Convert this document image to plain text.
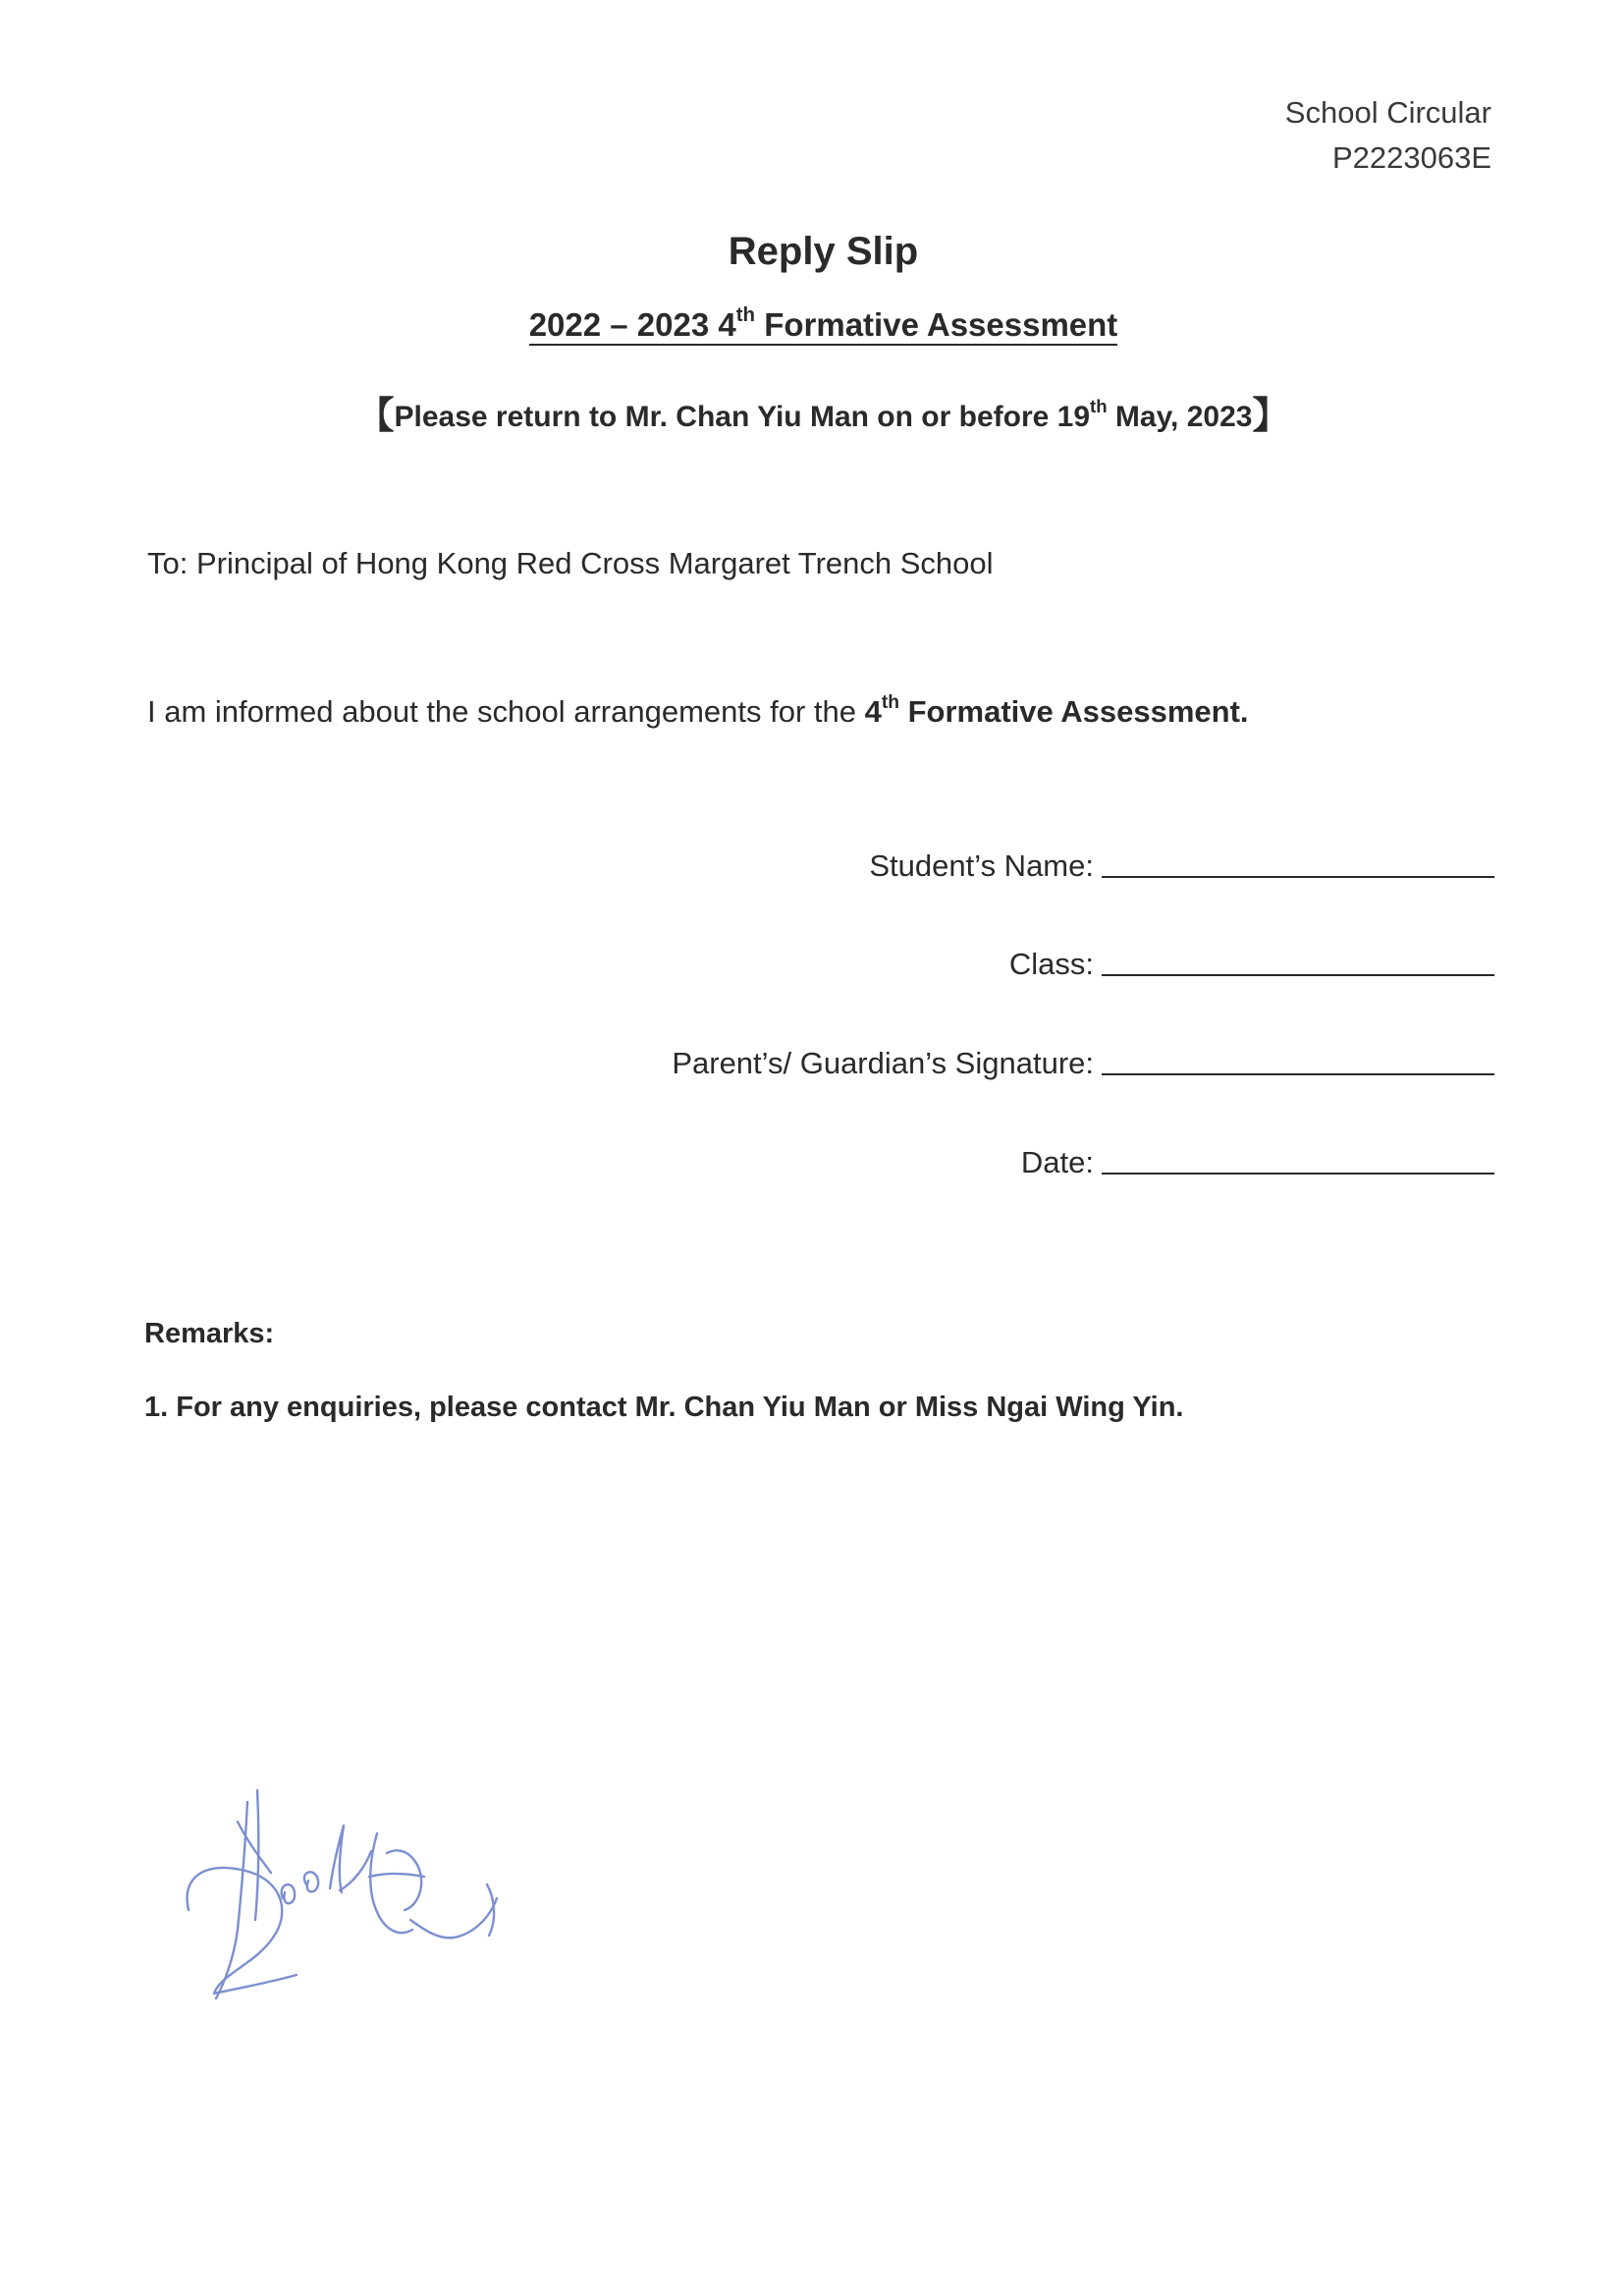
School Circular
P2223063E
Reply Slip
2022 – 2023 4th Formative Assessment
【Please return to Mr. Chan Yiu Man on or before 19th May, 2023】
To: Principal of Hong Kong Red Cross Margaret Trench School
I am informed about the school arrangements for the 4th Formative Assessment.
Student’s Name:
Class:
Parent’s/ Guardian’s Signature:
Date:
Remarks:
1. For any enquiries, please contact Mr. Chan Yiu Man or Miss Ngai Wing Yin.
